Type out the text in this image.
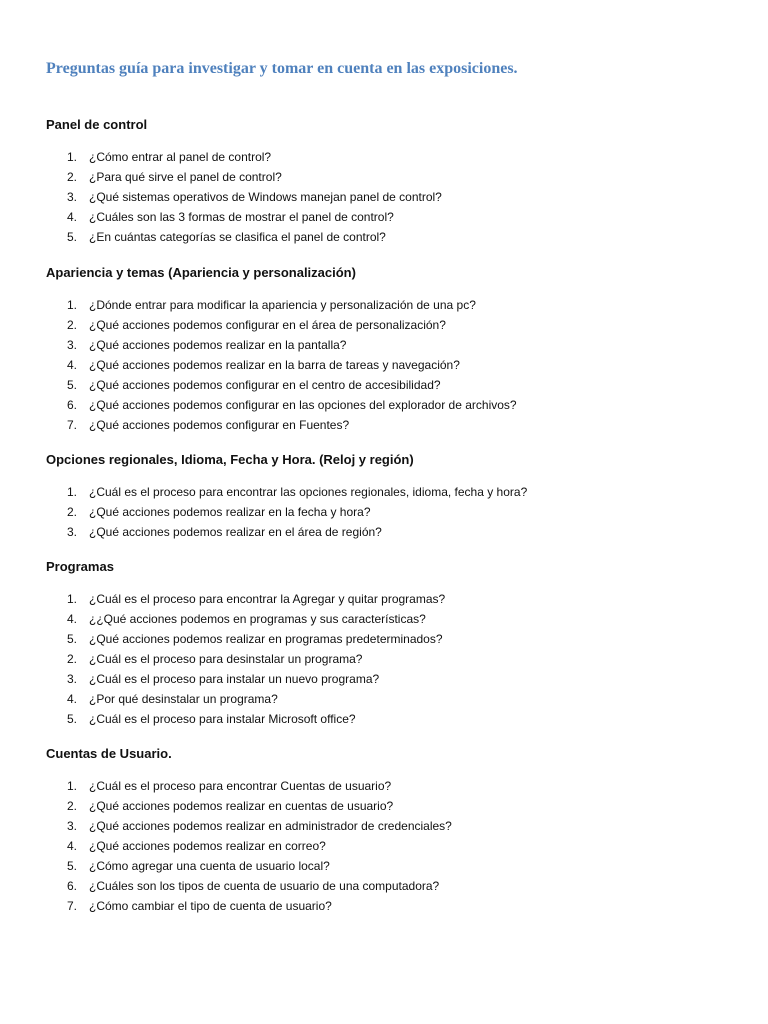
Preguntas guía para investigar y tomar en cuenta en las exposiciones.
Panel de control
1. ¿Cómo entrar al panel de control?
2. ¿Para qué sirve el panel de control?
3. ¿Qué sistemas operativos de Windows manejan panel de control?
4. ¿Cuáles son las 3 formas de mostrar el panel de control?
5. ¿En cuántas categorías se clasifica el panel de control?
Apariencia y temas (Apariencia y personalización)
1. ¿Dónde entrar para modificar la apariencia y personalización de una pc?
2. ¿Qué acciones podemos configurar en el área de personalización?
3. ¿Qué acciones podemos realizar en la pantalla?
4. ¿Qué acciones podemos realizar en la barra de tareas y navegación?
5. ¿Qué acciones podemos configurar en el centro de accesibilidad?
6. ¿Qué acciones podemos configurar en las opciones del explorador de archivos?
7. ¿Qué acciones podemos configurar en Fuentes?
Opciones regionales, Idioma, Fecha y Hora. (Reloj y región)
1. ¿Cuál es el proceso para encontrar las opciones regionales, idioma, fecha y hora?
2. ¿Qué acciones podemos realizar en la fecha y hora?
3. ¿Qué acciones podemos realizar en el área de región?
Programas
1. ¿Cuál es el proceso para encontrar la Agregar y quitar programas?
4. ¿¿Qué acciones podemos en programas y sus características?
5. ¿Qué acciones podemos realizar en programas predeterminados?
2. ¿Cuál es el proceso para desinstalar un programa?
3. ¿Cuál es el proceso para instalar un nuevo programa?
4. ¿Por qué desinstalar un programa?
5. ¿Cuál es el proceso para instalar Microsoft office?
Cuentas de Usuario.
1. ¿Cuál es el proceso para encontrar Cuentas de usuario?
2. ¿Qué acciones podemos realizar en cuentas de usuario?
3. ¿Qué acciones podemos realizar en administrador de credenciales?
4. ¿Qué acciones podemos realizar en correo?
5. ¿Cómo agregar una cuenta de usuario local?
6. ¿Cuáles son los tipos de cuenta de usuario de una computadora?
7. ¿Cómo cambiar el tipo de cuenta de usuario?
